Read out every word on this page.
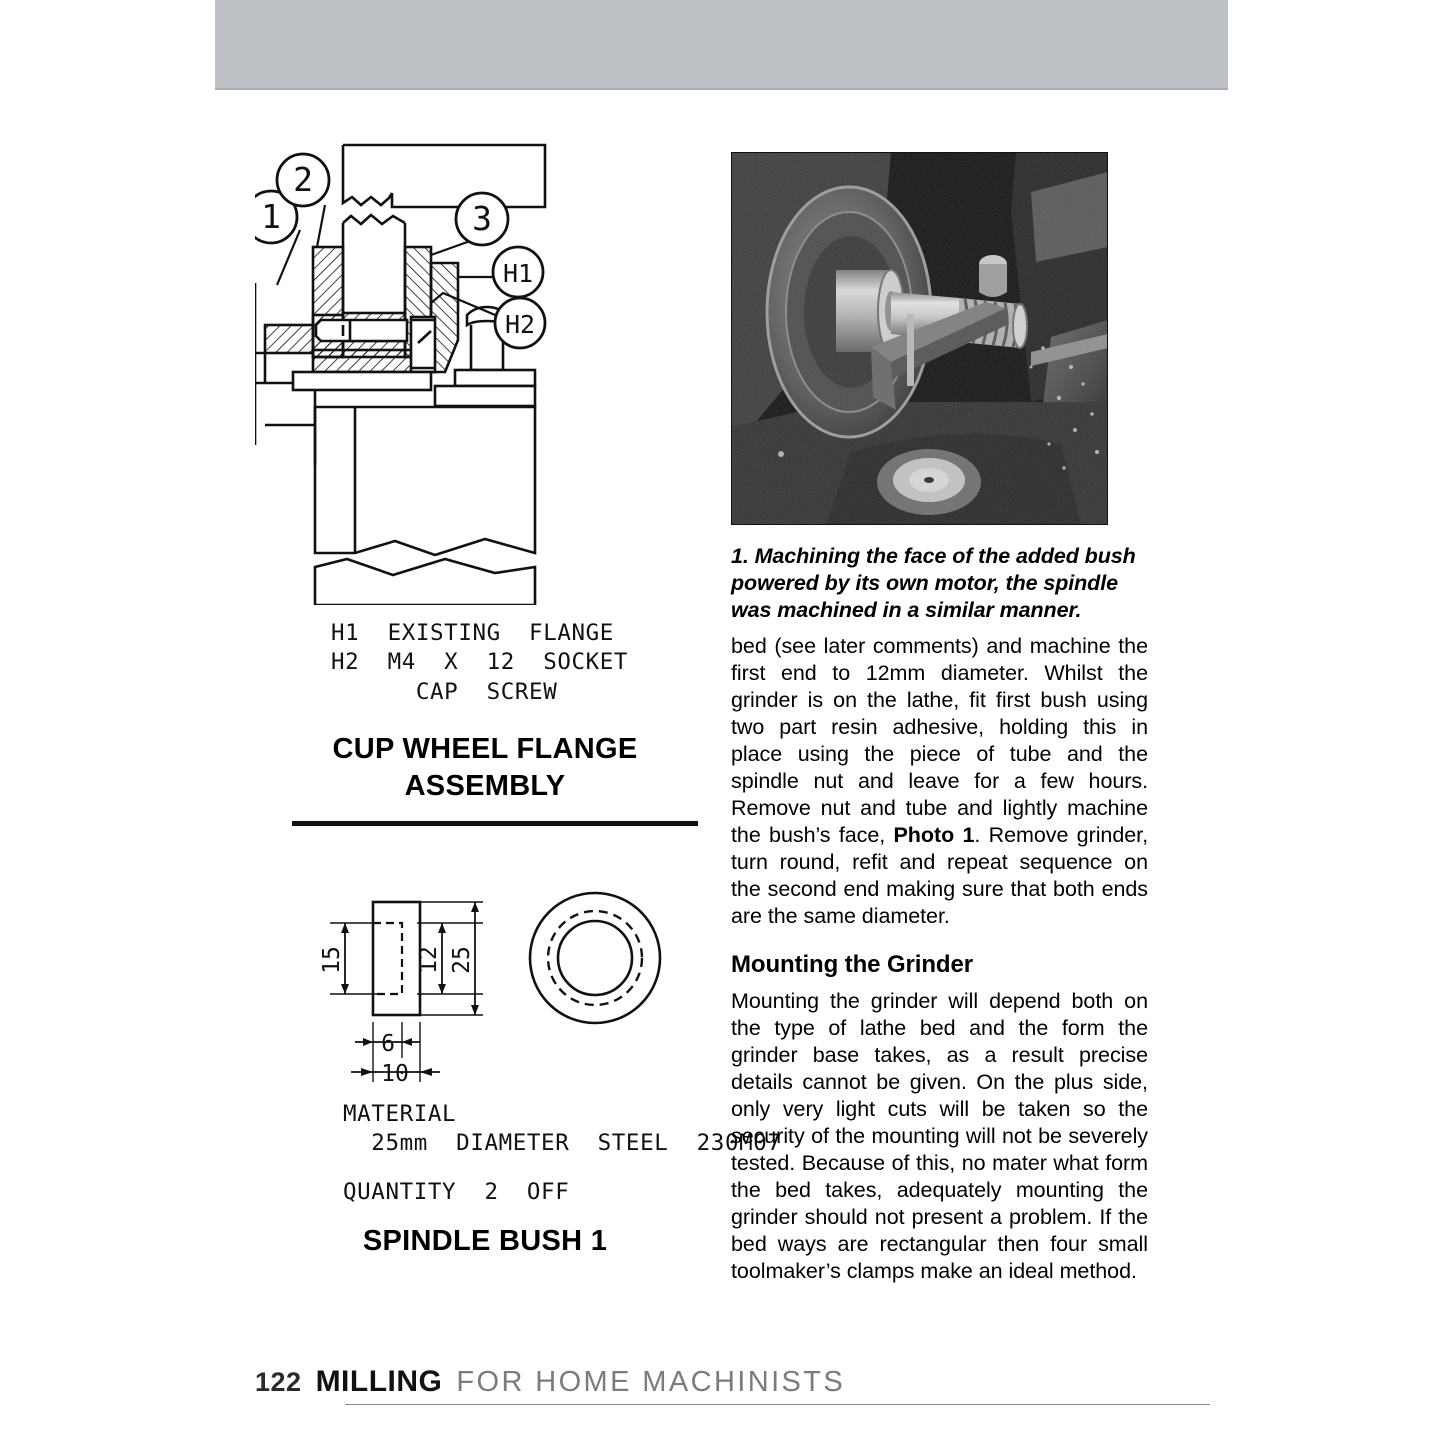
1
2
3
H1
H2
H1  EXISTING  FLANGE
H2  M4  X  12  SOCKET
CAP  SCREW
CUP WHEEL FLANGE
ASSEMBLY
15	12 25
6
10
MATERIAL
25mm  DIAMETER  STEEL  230M07
QUANTITY  2  OFF
SPINDLE BUSH 1
1. Machining the face of the added bush powered by its own motor, the spindle was machined in a similar manner.

bed (see later comments) and machine the first end to 12mm diameter. Whilst the grinder is on the lathe, fit first bush using two part resin adhesive, holding this in place using the piece of tube and the spindle nut and leave for a few hours. Remove nut and tube and lightly machine the bush’s face, Photo 1. Remove grinder, turn round, refit and repeat sequence on the second end making sure that both ends are the same diameter.

Mounting the Grinder

Mounting the grinder will depend both on the type of lathe bed and the form the grinder base takes, as a result precise details cannot be given. On the plus side, only very light cuts will be taken so the security of the mounting will not be severely tested. Because of this, no mater what form the bed takes, adequately mounting the grinder should not present a problem. If the bed ways are rectangular then four small toolmaker’s clamps make an ideal method.

122 MILLING FOR HOME MACHINISTS
